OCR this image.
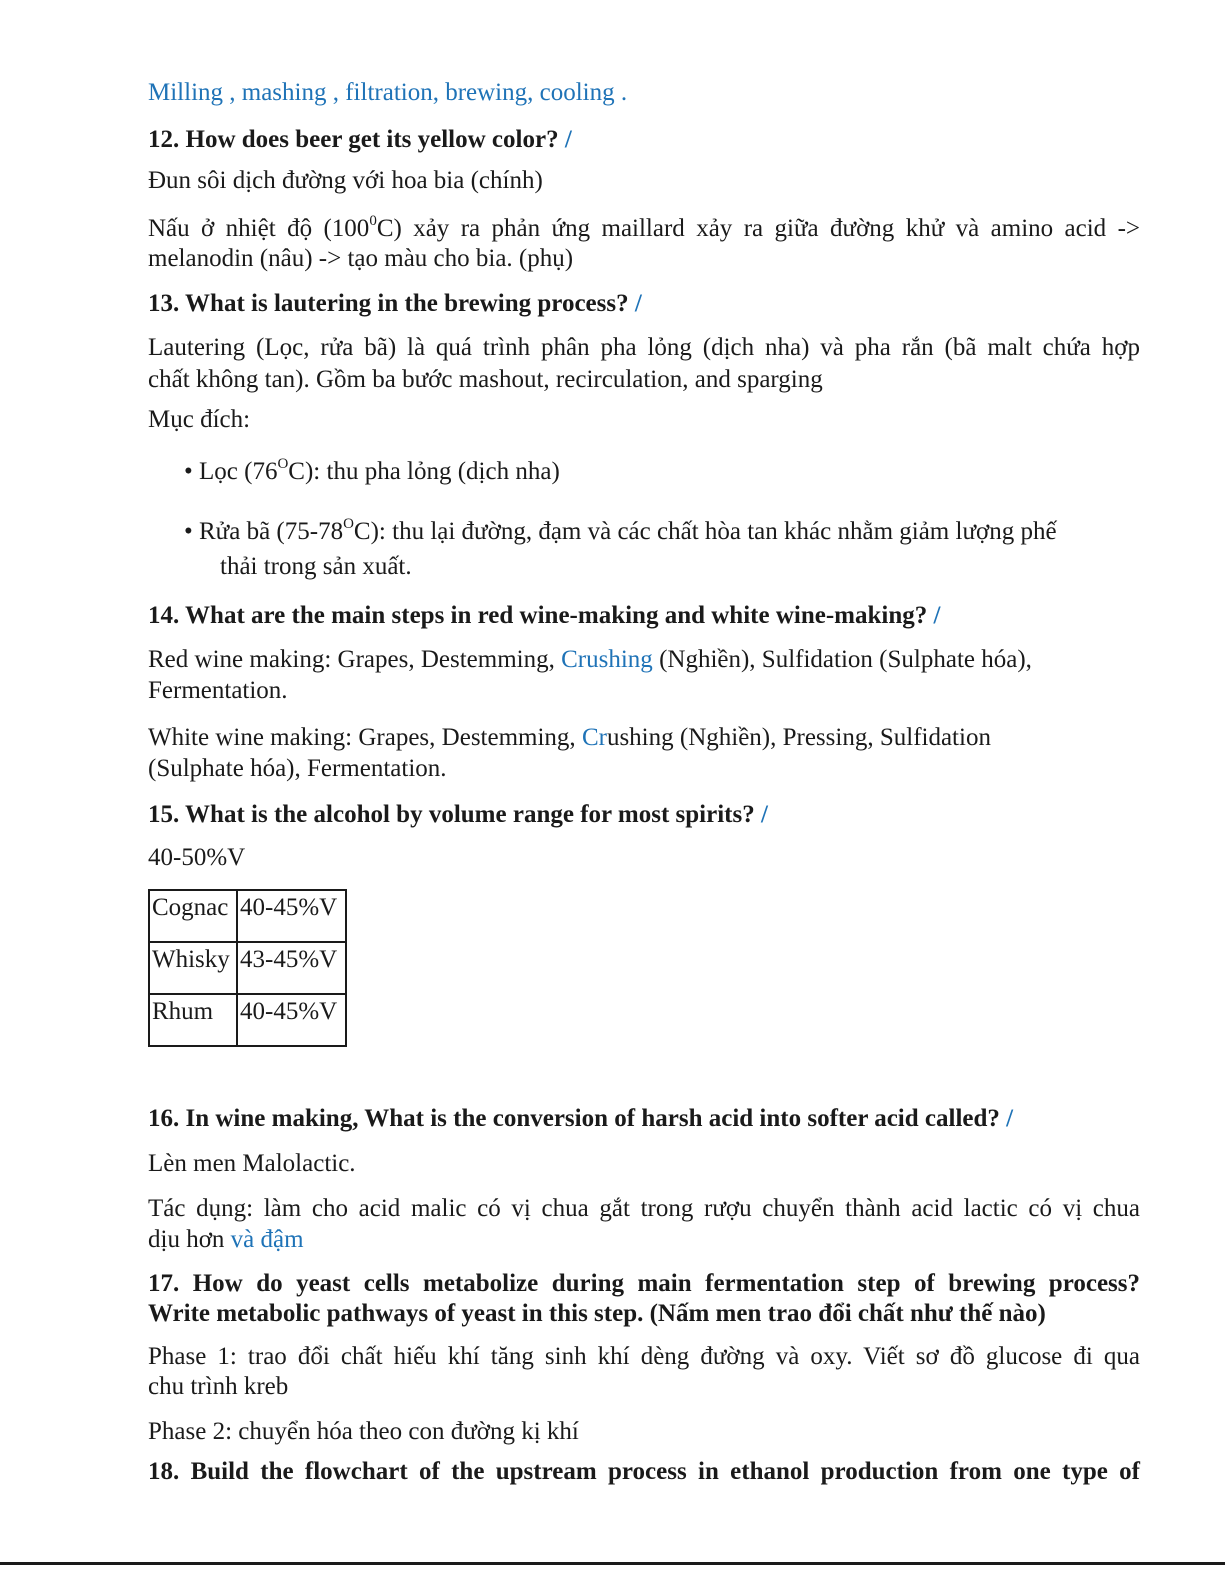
Milling , mashing , filtration, brewing, cooling .
12. How does beer get its yellow color? /
Đun sôi dịch đường với hoa bia (chính)
Nấu ở nhiệt độ $(100^0C)$ xảy ra phản ứng maillard xảy ra giữa đường khử và amino acid ->
melanodin (nâu) -> tạo màu cho bia. (phụ)
13. What is lautering in the brewing process? /
Lautering (Lọc, rửa bã) là quá trình phân pha lỏng (dịch nha) và pha rắn (bã malt chứa hợp
chất không tan). Gồm ba bước mashout, recirculation, and sparging
Mục đích:
• Lọc $(76^OC)$: thu pha lỏng (dịch nha)
• Rửa bã $(75-78^OC)$: thu lại đường, đạm và các chất hòa tan khác nhằm giảm lượng phế
thải trong sản xuất.
14. What are the main steps in red wine-making and white wine-making? /
Red wine making: Grapes, Destemming, Crushing (Nghiền), Sulfidation (Sulphate hóa),
Fermentation.
White wine making: Grapes, Destemming, Crushing (Nghiền), Pressing, Sulfidation
(Sulphate hóa), Fermentation.
15. What is the alcohol by volume range for most spirits? /
40-50%V
Cognac	40-45%V
Whisky	43-45%V
Rhum	40-45%V
16. In wine making, What is the conversion of harsh acid into softer acid called? /
Lèn men Malolactic.
Tác dụng: làm cho acid malic có vị chua gắt trong rượu chuyển thành acid lactic có vị chua
dịu hơn và đậm
17. How do yeast cells metabolize during main fermentation step of brewing process?
Write metabolic pathways of yeast in this step. (Nấm men trao đổi chất như thế nào)
Phase 1: trao đổi chất hiếu khí tăng sinh khí dèng đường và oxy. Viết sơ đồ glucose đi qua
chu trình kreb
Phase 2: chuyển hóa theo con đường kị khí
18. Build the flowchart of the upstream process in ethanol production from one type of
